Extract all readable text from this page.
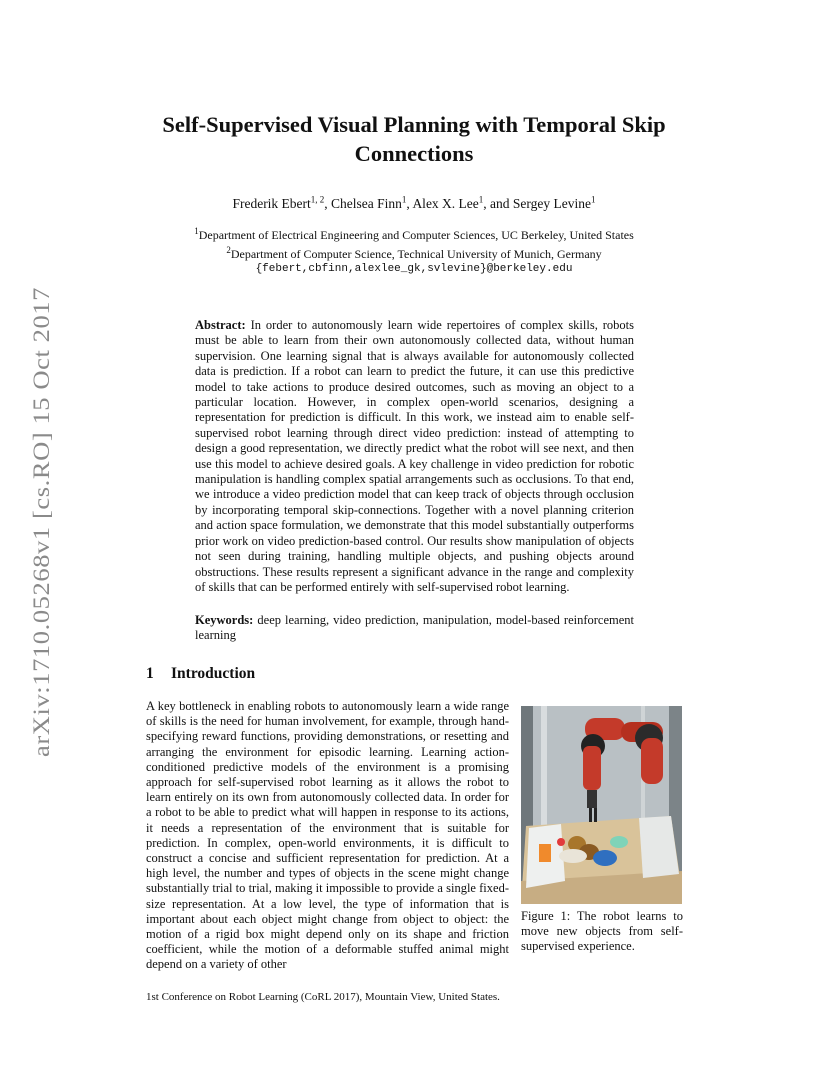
arXiv:1710.05268v1 [cs.RO] 15 Oct 2017
Self-Supervised Visual Planning with Temporal Skip
Connections
Frederik Ebert$^{1, 2}$, Chelsea Finn$^1$, Alex X. Lee$^1$, and Sergey Levine$^1$
$^1$Department of Electrical Engineering and Computer Sciences, UC Berkeley, United States
$^2$Department of Computer Science, Technical University of Munich, Germany
{febert,cbfinn,alexlee_gk,svlevine}@berkeley.edu
Abstract: In order to autonomously learn wide repertoires of complex skills, robots must be able to learn from their own autonomously collected data, without human supervision. One learning signal that is always available for autonomously collected data is prediction. If a robot can learn to predict the future, it can use this predictive model to take actions to produce desired outcomes, such as moving an object to a particular location. However, in complex open-world scenarios, designing a representation for prediction is difficult. In this work, we instead aim to enable self-supervised robot learning through direct video prediction: instead of attempting to design a good representation, we directly predict what the robot will see next, and then use this model to achieve desired goals. A key challenge in video prediction for robotic manipulation is handling complex spatial arrangements such as occlusions. To that end, we introduce a video prediction model that can keep track of objects through occlusion by incorporating temporal skip-connections. Together with a novel planning criterion and action space formulation, we demonstrate that this model substantially outperforms prior work on video prediction-based control. Our results show manipulation of objects not seen during training, handling multiple objects, and pushing objects around obstructions. These results represent a significant advance in the range and complexity of skills that can be performed entirely with self-supervised robot learning.
Keywords: deep learning, video prediction, manipulation, model-based reinforcement learning
1 Introduction
A key bottleneck in enabling robots to autonomously learn a wide range of skills is the need for human involvement, for example, through hand-specifying reward functions, providing demonstrations, or resetting and arranging the environment for episodic learning. Learning action-conditioned predictive models of the environment is a promising approach for self-supervised robot learning as it allows the robot to learn entirely on its own from autonomously collected data. In order for a robot to be able to predict what will happen in response to its actions, it needs a representation of the environment that is suitable for prediction. In complex, open-world environments, it is difficult to construct a concise and sufficient representation for prediction. At a high level, the number and types of objects in the scene might change substantially trial to trial, making it impossible to provide a single fixed-size representation. At a low level, the type of information that is important about each object might change from object to object: the motion of a rigid box might depend only on its shape and friction coefficient, while the motion of a deformable stuffed animal might depend on a variety of other
Figure 1: The robot learns to move new objects from self-supervised experience.
1st Conference on Robot Learning (CoRL 2017), Mountain View, United States.
